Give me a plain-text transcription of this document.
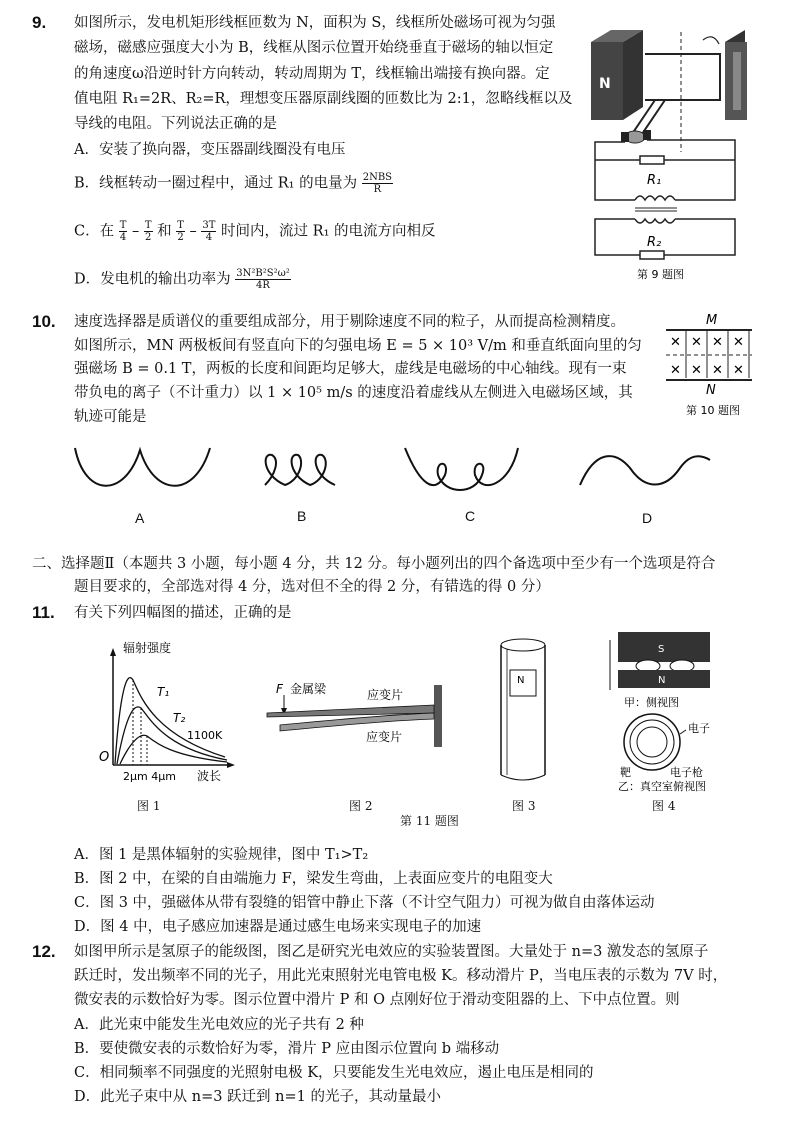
9. 如图所示，发电机矩形线框匝数为 N，面积为 S，线框所处磁场可视为匀强
磁场，磁感应强度大小为 B，线框从图示位置开始绕垂直于磁场的轴以恒定
的角速度ω沿逆时针方向转动，转动周期为 T，线框输出端接有换向器。定
值电阻 R₁=2R、R₂=R，理想变压器原副线圈的匝数比为 2:1，忽略线框以及
导线的电阻。下列说法正确的是
A．安装了换向器，变压器副线圈没有电压
B．线框转动一圈过程中，通过 R₁ 的电量为 $\frac{\text{2NBS}}{R}$
C．在 $\frac{T}{4} - \frac{T}{2}$ 和 $\frac{T}{2} - \frac{3T}{4}$ 时间内，流过 R₁ 的电流方向相反
D．发电机的输出功率为 $\frac{\text{3N²B²S²ω²}}{4R}$
N
R₁
R₂
第 9 题图
10. 速度选择器是质谱仪的重要组成部分，用于剔除速度不同的粒子，从而提高检测精度。
如图所示，MN 两极板间有竖直向下的匀强电场 E = 5 × 10³ V/m 和垂直纸面向里的匀
强磁场 B = 0.1 T，两板的长度和间距均足够大，虚线是电磁场的中心轴线。现有一束
带负电的离子（不计重力）以 1 × 10⁵ m/s 的速度沿着虚线从左侧进入电磁场区域，其
轨迹可能是
M
✕ ✕ ✕ ✕
✕ ✕ ✕ ✕
N
第 10 题图
A	B	C	D
二、选择题Ⅱ（本题共 3 小题，每小题 4 分，共 12 分。每小题列出的四个备选项中至少有一个选项是符合
题目要求的，全部选对得 4 分，选对但不全的得 2 分，有错选的得 0 分）
11. 有关下列四幅图的描述，正确的是
辐射强度
T₁
T₂
1100K
O
2μm 4μm 波长
图 1
F 金属梁	应变片
应变片
图 2
N
图 3
S
N
甲：侧视图
电子
靶	电子枪
乙：真空室俯视图
图 4
第 11 题图
A．图 1 是黑体辐射的实验规律，图中 T₁>T₂
B．图 2 中，在梁的自由端施力 F，梁发生弯曲，上表面应变片的电阻变大
C．图 3 中，强磁体从带有裂缝的铝管中静止下落（不计空气阻力）可视为做自由落体运动
D．图 4 中，电子感应加速器是通过感生电场来实现电子的加速
12. 如图甲所示是氢原子的能级图，图乙是研究光电效应的实验装置图。大量处于 n=3 激发态的氢原子
跃迁时，发出频率不同的光子，用此光束照射光电管电极 K。移动滑片 P，当电压表的示数为 7V 时，
微安表的示数恰好为零。图示位置中滑片 P 和 O 点刚好位于滑动变阻器的上、下中点位置。则
A．此光束中能发生光电效应的光子共有 2 种
B．要使微安表的示数恰好为零，滑片 P 应由图示位置向 b 端移动
C．相同频率不同强度的光照射电极 K，只要能发生光电效应，遏止电压是相同的
D．此光子束中从 n=3 跃迁到 n=1 的光子，其动量最小
